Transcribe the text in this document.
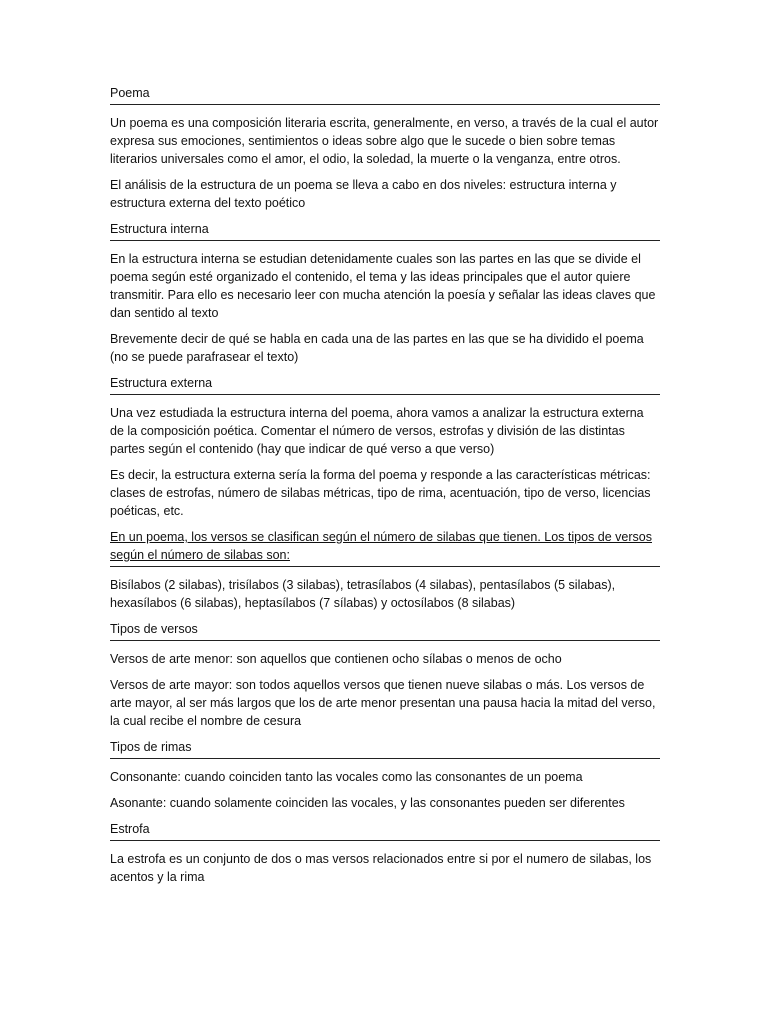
Poema

Un poema es una composición literaria escrita, generalmente, en verso, a través de la cual el autor expresa sus emociones, sentimientos o ideas sobre algo que le sucede o bien sobre temas literarios universales como el amor, el odio, la soledad, la muerte o la venganza, entre otros.

El análisis de la estructura de un poema se lleva a cabo en dos niveles: estructura interna y estructura externa del texto poético

Estructura interna

En la estructura interna se estudian detenidamente cuales son las partes en las que se divide el poema según esté organizado el contenido, el tema y las ideas principales que el autor quiere transmitir. Para ello es necesario leer con mucha atención la poesía y señalar las ideas claves que dan sentido al texto

Brevemente decir de qué se habla en cada una de las partes en las que se ha dividido el poema (no se puede parafrasear el texto)

Estructura externa

Una vez estudiada la estructura interna del poema, ahora vamos a analizar la estructura externa de la composición poética. Comentar el número de versos, estrofas y división de las distintas partes según el contenido (hay que indicar de qué verso a que verso)

Es decir, la estructura externa sería la forma del poema y responde a las características métricas: clases de estrofas, número de silabas métricas, tipo de rima, acentuación, tipo de verso, licencias poéticas, etc.

En un poema, los versos se clasifican según el número de silabas que tienen. Los tipos de versos según el número de silabas son:

Bisílabos (2 silabas), trisílabos (3 silabas), tetrasílabos (4 silabas), pentasílabos (5 silabas), hexasílabos (6 silabas), heptasílabos (7 sílabas) y octosílabos (8 silabas)

Tipos de versos

Versos de arte menor: son aquellos que contienen ocho sílabas o menos de ocho

Versos de arte mayor: son todos aquellos versos que tienen nueve silabas o más. Los versos de arte mayor, al ser más largos que los de arte menor presentan una pausa hacia la mitad del verso, la cual recibe el nombre de cesura

Tipos de rimas

Consonante: cuando coinciden tanto las vocales como las consonantes de un poema

Asonante: cuando solamente coinciden las vocales, y las consonantes pueden ser diferentes

Estrofa

La estrofa es un conjunto de dos o mas versos relacionados entre si por el numero de silabas, los acentos y la rima
